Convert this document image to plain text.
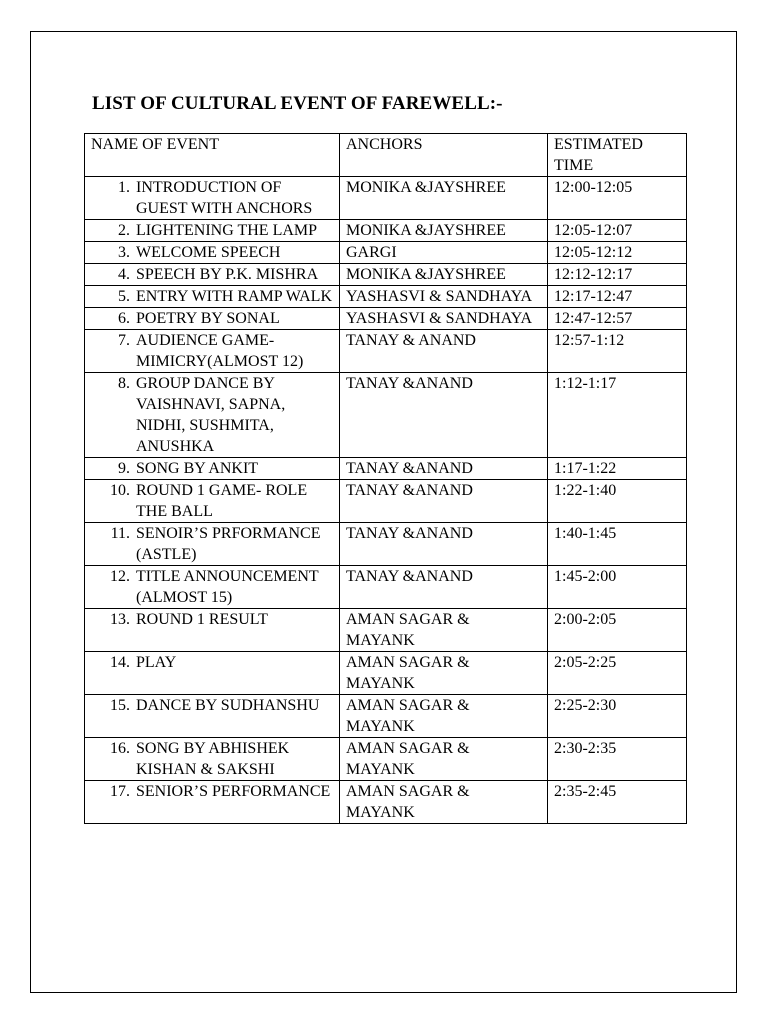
LIST OF CULTURAL EVENT OF FAREWELL:-
NAME OF EVENT	ANCHORS	ESTIMATED TIME

1. INTRODUCTION OF GUEST WITH ANCHORS	MONIKA &JAYSHREE	12:00-12:05

2. LIGHTENING THE LAMP	MONIKA &JAYSHREE	12:05-12:07

3. WELCOME SPEECH	GARGI	12:05-12:12

4. SPEECH BY P.K. MISHRA	MONIKA &JAYSHREE	12:12-12:17

5. ENTRY WITH RAMP WALK	YASHASVI & SANDHAYA	12:17-12:47

6. POETRY BY SONAL	YASHASVI & SANDHAYA	12:47-12:57

7. AUDIENCE GAME-MIMICRY(ALMOST 12)	TANAY & ANAND	12:57-1:12

8. GROUP DANCE BY VAISHNAVI, SAPNA, NIDHI, SUSHMITA, ANUSHKA	TANAY &ANAND	1:12-1:17

9. SONG BY ANKIT	TANAY &ANAND	1:17-1:22

10. ROUND 1 GAME- ROLE THE BALL	TANAY &ANAND	1:22-1:40

11. SENOIR’S PRFORMANCE (ASTLE)	TANAY &ANAND	1:40-1:45

12. TITLE ANNOUNCEMENT (ALMOST 15)	TANAY &ANAND	1:45-2:00

13. ROUND 1 RESULT	AMAN SAGAR & MAYANK	2:00-2:05

14. PLAY	AMAN SAGAR & MAYANK	2:05-2:25

15. DANCE BY SUDHANSHU	AMAN SAGAR & MAYANK	2:25-2:30

16. SONG BY ABHISHEK KISHAN & SAKSHI	AMAN SAGAR & MAYANK	2:30-2:35

17. SENIOR’S PERFORMANCE	AMAN SAGAR & MAYANK	2:35-2:45
